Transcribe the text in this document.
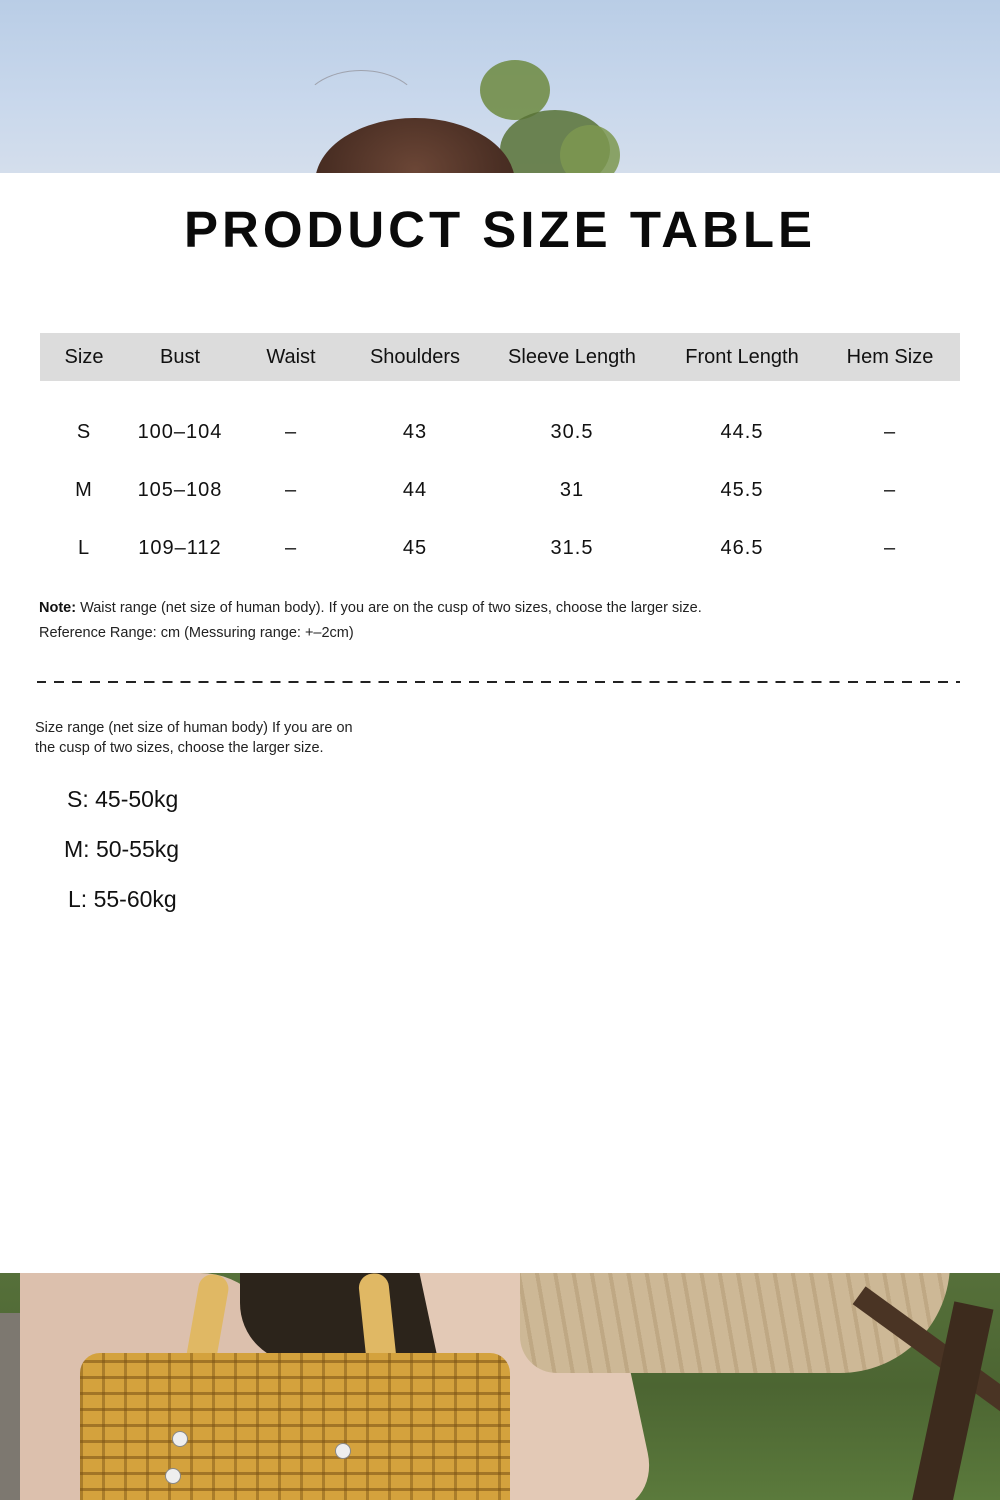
PRODUCT SIZE TABLE
Size	Bust	Waist	Shoulders	Sleeve Length	Front Length	Hem Size
S	100–104	–	43	30.5	44.5	–
M	105–108	–	44	31	45.5	–
L	109–112	–	45	31.5	46.5	–
Note: Waist range (net size of human body). If you are on the cusp of two sizes, choose the larger size.
Reference Range: cm (Messuring range: +–2cm)
Size range (net size of human body) If you are on the cusp of two sizes, choose the larger size.
S: 45-50kg
M: 50-55kg
L: 55-60kg
